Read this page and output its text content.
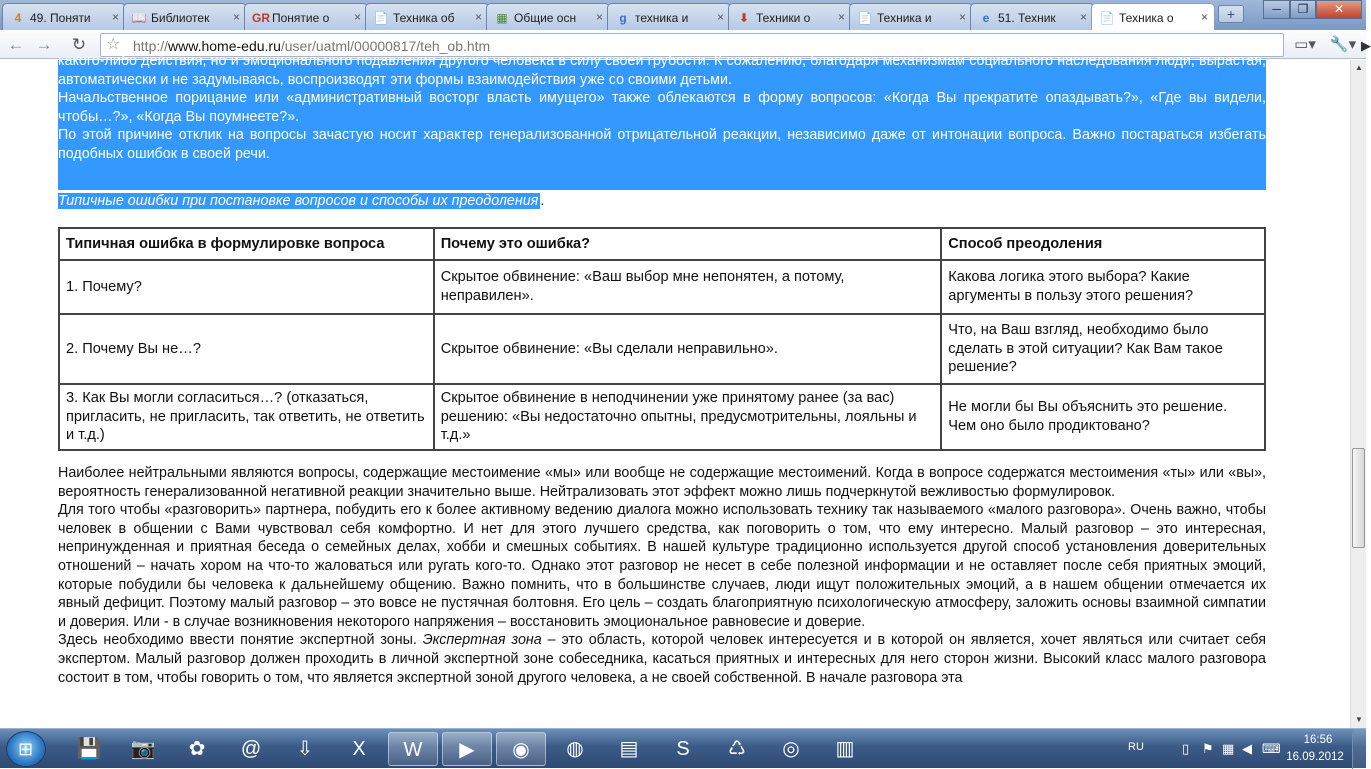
4 49. Поняти	× 📖 Библиотек	× GR Понятие о	× 📄 Техника об	× ▦ Общие осн	×	g техника и	× ⬇ Техники о	× 📄 Техника и	×	e 51. Техник	× 📄 Техника о	×	+	─	❐	✕
← → ↻ ☆ http://www.home-edu.ru/user/uatml/00000817/teh_ob.htm	▶
▭▾ 🔧▾

какого-либо действия, но и эмоционального подавления другого человека в силу своей грубости. К сожалению, благодаря механизмам социального наследования люди, вырастая, автоматически и не задумываясь, воспроизводят эти формы взаимодействия уже со своими детьми.

Начальственное порицание или «административный восторг власть имущего» также облекаются в форму вопросов: «Когда Вы прекратите опаздывать?», «Где вы видели, чтобы…?», «Когда Вы поумнеете?».

По этой причине отклик на вопросы зачастую носит характер генерализованной отрицательной реакции, независимо даже от интонации вопроса. Важно постараться избегать подобных ошибок в своей речи.

Типичные ошибки при постановке вопросов и способы их преодоления .
Типичная ошибка в формулировке вопроса	Почему это ошибка?	Способ преодоления
1. Почему?	Скрытое обвинение: «Ваш выбор мне непонятен, а потому, неправилен».	Какова логика этого выбора? Какие аргументы в пользу этого решения?
2. Почему Вы не…?	Скрытое обвинение: «Вы сделали неправильно».	Что, на Ваш взгляд, необходимо было сделать в этой ситуации? Как Вам такое решение?
3. Как Вы могли согласиться…? (отказаться, пригласить, не пригласить, так ответить, не ответить и т.д.)	Скрытое обвинение в неподчинении уже принятому ранее (за вас) решению: «Вы недостаточно опытны, предусмотрительны, лояльны и т.д.»	Не могли бы Вы объяснить это решение. Чем оно было продиктовано?

Наиболее нейтральными являются вопросы, содержащие местоимение «мы» или вообще не содержащие местоимений. Когда в вопросе содержатся местоимения «ты» или «вы», вероятность генерализованной негативной реакции значительно выше. Нейтрализовать этот эффект можно лишь подчеркнутой вежливостью формулировок.

Для того чтобы «разговорить» партнера, побудить его к более активному ведению диалога можно использовать технику так называемого «малого разговора». Очень важно, чтобы человек в общении с Вами чувствовал себя комфортно. И нет для этого лучшего средства, как поговорить о том, что ему интересно. Малый разговор – это интересная, непринужденная и приятная беседа о семейных делах, хобби и смешных событиях. В нашей культуре традиционно используется другой способ установления доверительных отношений – начать хором на что-то жаловаться или ругать кого-то. Однако этот разговор не несет в себе полезной информации и не оставляет после себя приятных эмоций, которые побудили бы человека к дальнейшему общению. Важно помнить, что в большинстве случаев, люди ищут положительных эмоций, а в нашем общении отмечается их явный дефицит. Поэтому малый разговор – это вовсе не пустячная болтовня. Его цель – создать благоприятную психологическую атмосферу, заложить основы взаимной симпатии и доверия. Или - в случае возникновения некоторого напряжения – восстановить эмоциональное равновесие и доверие.

Здесь необходимо ввести понятие экспертной зоны. Экспертная зона – это область, которой человек интересуется и в которой он является, хочет являться или считает себя экспертом. Малый разговор должен проходить в личной экспертной зоне собеседника, касаться приятных и интересных для него сторон жизни. Высокий класс малого разговора состоит в том, чтобы говорить о том, что является экспертной зоной другого человека, а не своей собственной. В начале разговора эта

▲
▼
⊞	💾	📷	✿	@	⇩	X	W	▶	◉	◍	▤	S	♺	◎	▥	RU	▯ ⚑ ▦ ◀ ⌨
16:56
16.09.2012
